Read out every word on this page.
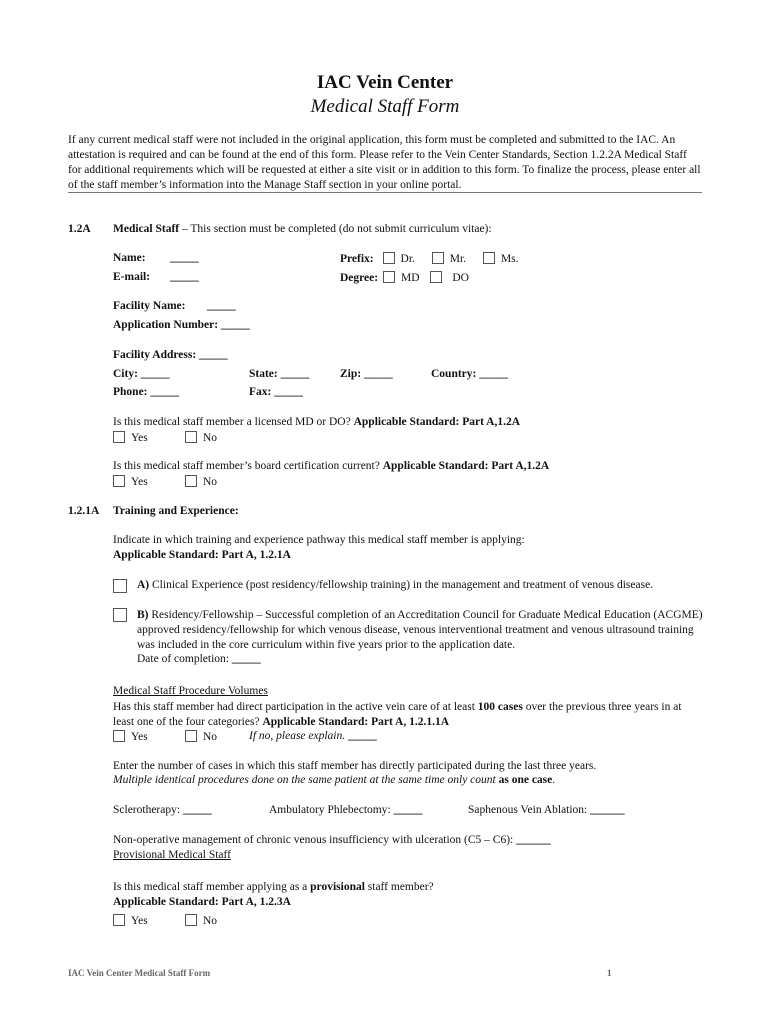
IAC Vein Center
Medical Staff Form
If any current medical staff were not included in the original application, this form must be completed and submitted to the IAC. An attestation is required and can be found at the end of this form. Please refer to the Vein Center Standards, Section 1.2.2A Medical Staff for additional requirements which will be requested at either a site visit or in addition to this form. To finalize the process, please enter all of the staff member’s information into the Manage Staff section in your online portal.
1.2A Medical Staff – This section must be completed (do not submit curriculum vitae):
Name: _____
E-mail: _____
Prefix: Dr.	Mr.	Ms.
Degree: MD	DO
Facility Name: _____
Application Number: _____
Facility Address: _____
City: _____	State: _____	Zip: _____	Country: _____
Phone: _____	Fax: _____
Is this medical staff member a licensed MD or DO? Applicable Standard: Part A,1.2A
Yes	No
Is this medical staff member’s board certification current? Applicable Standard: Part A,1.2A
Yes	No
1.2.1A Training and Experience:
Indicate in which training and experience pathway this medical staff member is applying:
Applicable Standard: Part A, 1.2.1A
A) Clinical Experience (post residency/fellowship training) in the management and treatment of venous disease.
B) Residency/Fellowship – Successful completion of an Accreditation Council for Graduate Medical Education (ACGME) approved residency/fellowship for which venous disease, venous interventional treatment and venous ultrasound training was included in the core curriculum within five years prior to the application date.
Date of completion: _____
Medical Staff Procedure Volumes
Has this staff member had direct participation in the active vein care of at least 100 cases over the previous three years in at least one of the four categories? Applicable Standard: Part A, 1.2.1.1A
Yes	No	If no, please explain. _____
Enter the number of cases in which this staff member has directly participated during the last three years.
Multiple identical procedures done on the same patient at the same time only count as one case.
Sclerotherapy: _____	Ambulatory Phlebectomy: _____	Saphenous Vein Ablation: ______
Non-operative management of chronic venous insufficiency with ulceration (C5 – C6): ______
Provisional Medical Staff
Is this medical staff member applying as a provisional staff member?
Applicable Standard: Part A, 1.2.3A
Yes	No
IAC Vein Center Medical Staff Form	1
